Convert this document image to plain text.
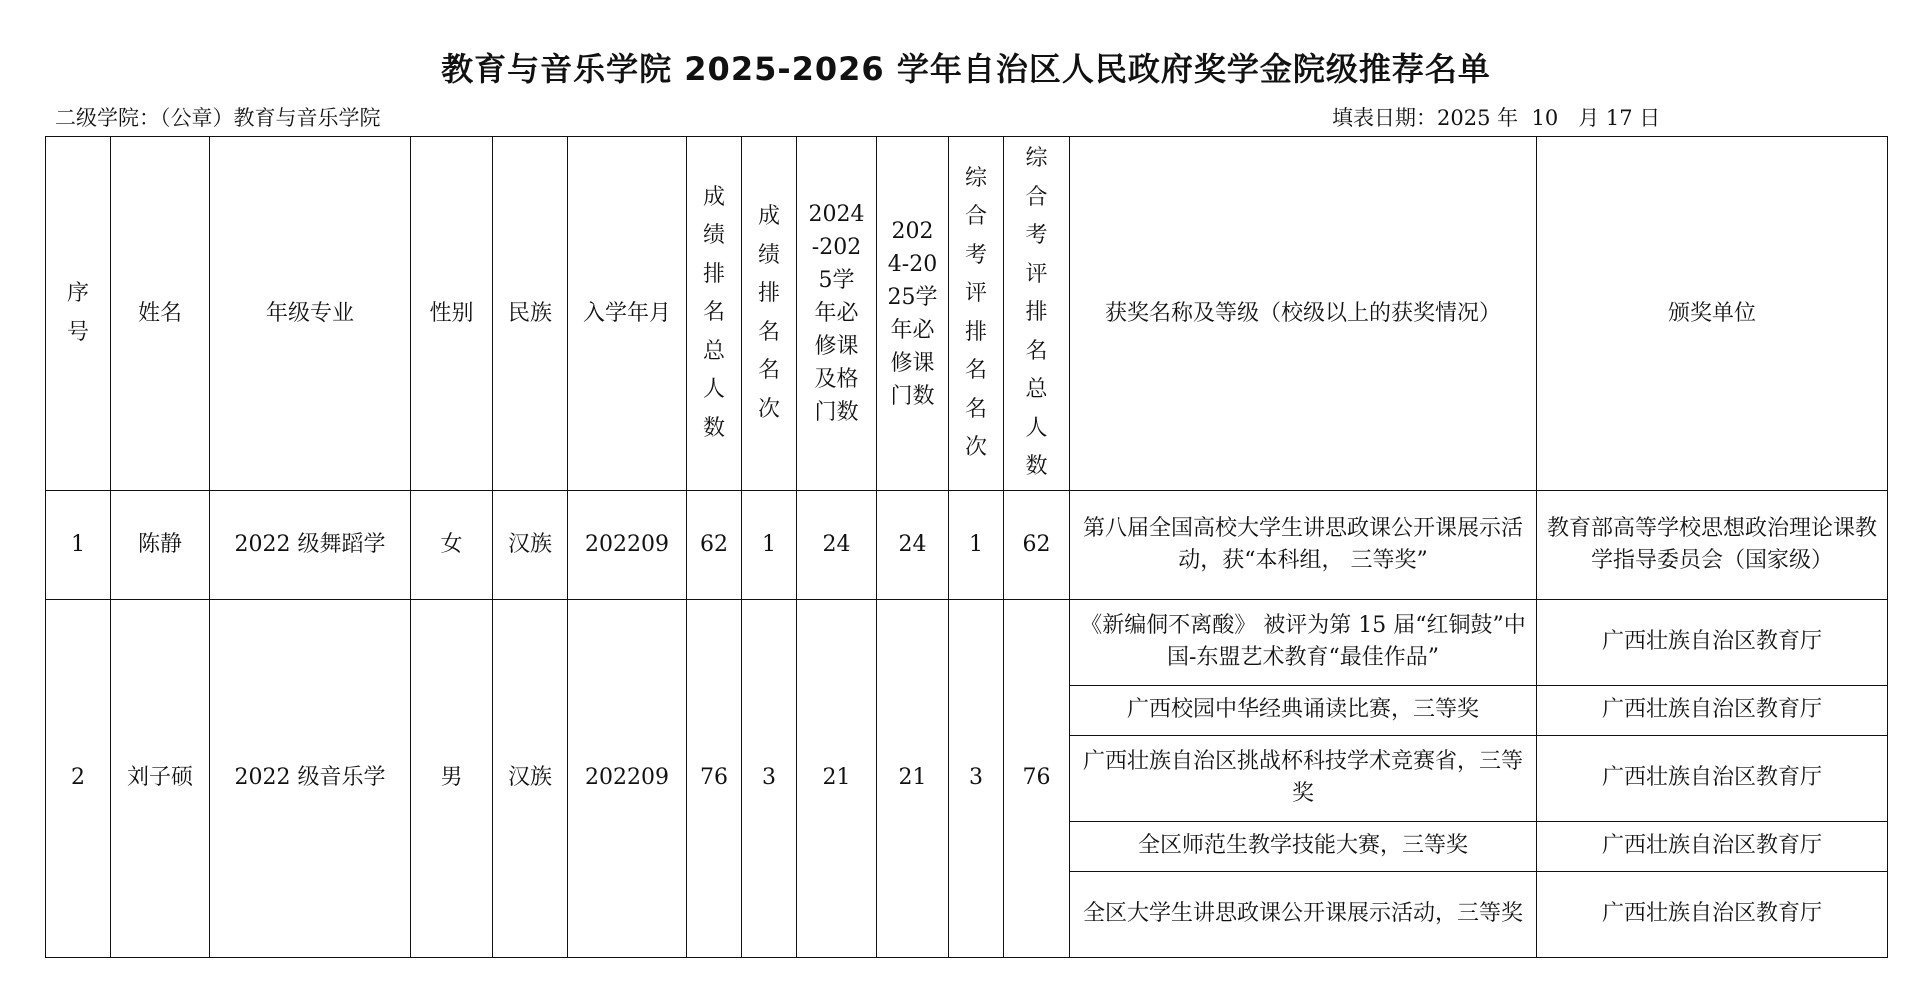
教育与音乐学院 2025-2026 学年自治区人民政府奖学金院级推荐名单
二级学院：（公章）教育与音乐学院	填表日期：2025 年  10   月 17 日
序号	姓名	年级专业	性别	民族	入学年月	成绩排名总人数	成绩排名名次	2024-2025学年必修课及格门数	2024-2025学年必修课门数	综合考评排名名次	综合考评排名总人数	获奖名称及等级（校级以上的获奖情况）	颁奖单位
1	陈静	2022 级舞蹈学	女	汉族	202209	62	1	24	24	1	62	第八届全国高校大学生讲思政课公开课展示活动，获“本科组， 三等奖”	教育部高等学校思想政治理论课教学指导委员会（国家级）
2	刘子硕	2022 级音乐学	男	汉族	202209	76	3	21	21	3	76	《新编侗不离酸》 被评为第 15 届“红铜鼓”中国-东盟艺术教育“最佳作品”	广西壮族自治区教育厅
												广西校园中华经典诵读比赛，三等奖	广西壮族自治区教育厅
												广西壮族自治区挑战杯科技学术竞赛省，三等奖	广西壮族自治区教育厅
												全区师范生教学技能大赛，三等奖	广西壮族自治区教育厅
												全区大学生讲思政课公开课展示活动，三等奖	广西壮族自治区教育厅
